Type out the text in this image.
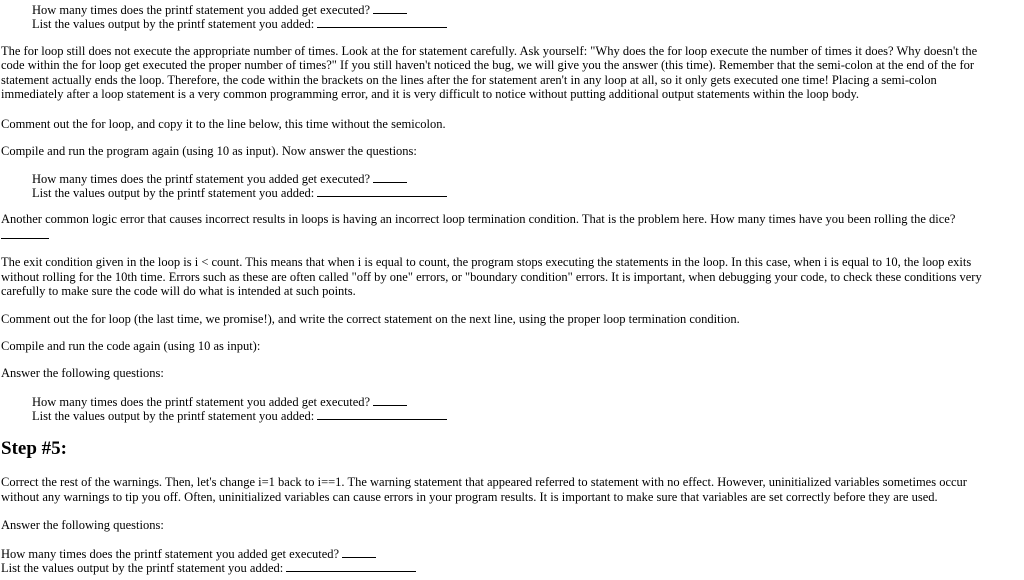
How many times does the printf statement you added get executed?

List the values output by the printf statement you added:

The for loop still does not execute the appropriate number of times. Look at the for statement carefully. Ask yourself: "Why does the for loop execute the number of times it does? Why doesn't the

code within the for loop get executed the proper number of times?" If you still haven't noticed the bug, we will give you the answer (this time). Remember that the semi-colon at the end of the for

statement actually ends the loop. Therefore, the code within the brackets on the lines after the for statement aren't in any loop at all, so it only gets executed one time! Placing a semi-colon

immediately after a loop statement is a very common programming error, and it is very difficult to notice without putting additional output statements within the loop body.

Comment out the for loop, and copy it to the line below, this time without the semicolon.

Compile and run the program again (using 10 as input). Now answer the questions:

How many times does the printf statement you added get executed?

List the values output by the printf statement you added:

Another common logic error that causes incorrect results in loops is having an incorrect loop termination condition. That is the problem here. How many times have you been rolling the dice?

The exit condition given in the loop is i < count. This means that when i is equal to count, the program stops executing the statements in the loop. In this case, when i is equal to 10, the loop exits

without rolling for the 10th time. Errors such as these are often called "off by one" errors, or "boundary condition" errors. It is important, when debugging your code, to check these conditions very

carefully to make sure the code will do what is intended at such points.

Comment out the for loop (the last time, we promise!), and write the correct statement on the next line, using the proper loop termination condition.

Compile and run the code again (using 10 as input):

Answer the following questions:

How many times does the printf statement you added get executed?

List the values output by the printf statement you added:

Step #5:

Correct the rest of the warnings. Then, let's change i=1 back to i==1. The warning statement that appeared referred to statement with no effect. However, uninitialized variables sometimes occur

without any warnings to tip you off. Often, uninitialized variables can cause errors in your program results. It is important to make sure that variables are set correctly before they are used.

Answer the following questions:

How many times does the printf statement you added get executed?

List the values output by the printf statement you added:
